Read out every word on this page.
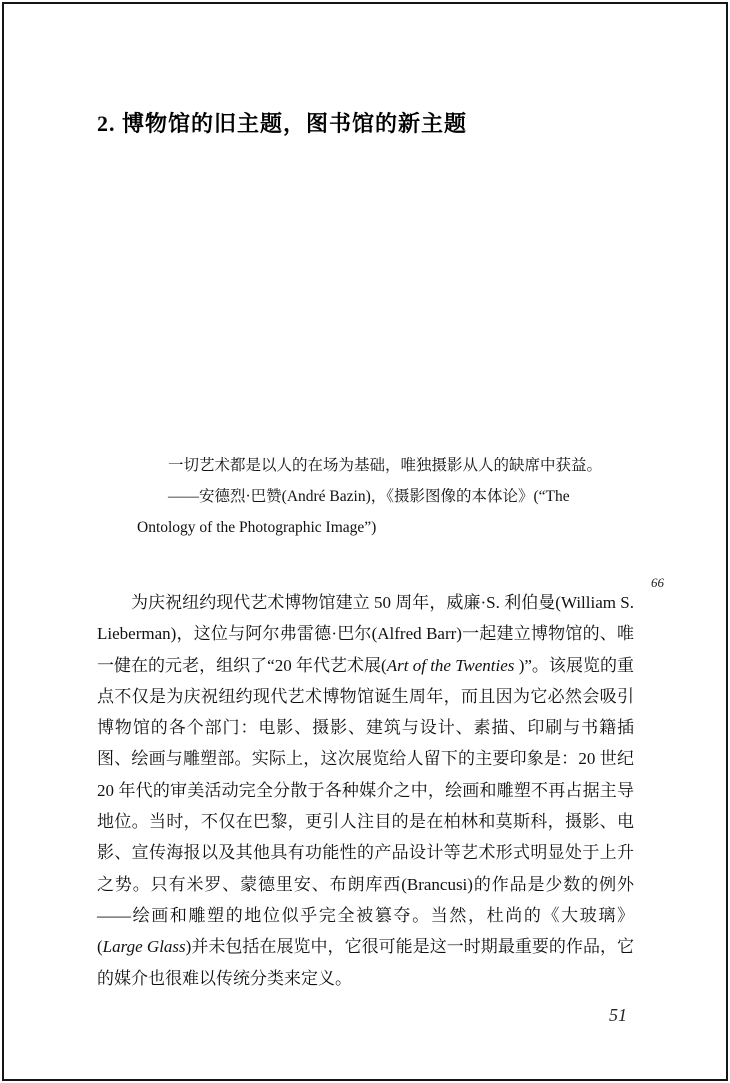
2. 博物馆的旧主题，图书馆的新主题
一切艺术都是以人的在场为基础，唯独摄影从人的缺席中获益。
——安德烈·巴赞(André Bazin)，《摄影图像的本体论》(“The
Ontology of the Photographic Image”)

为庆祝纽约现代艺术博物馆建立 50 周年，威廉·S. 利伯曼(William S. Lieberman)，这位与阿尔弗雷德·巴尔(Alfred Barr)一起建立博物馆的、唯一健在的元老，组织了“20 年代艺术展(Art of the Twenties )”。该展览的重点不仅是为庆祝纽约现代艺术博物馆诞生周年，而且因为它必然会吸引博物馆的各个部门：电影、摄影、建筑与设计、素描、印刷与书籍插图、绘画与雕塑部。实际上，这次展览给人留下的主要印象是：20 世纪 20 年代的审美活动完全分散于各种媒介之中，绘画和雕塑不再占据主导地位。当时，不仅在巴黎，更引人注目的是在柏林和莫斯科，摄影、电影、宣传海报以及其他具有功能性的产品设计等艺术形式明显处于上升之势。只有米罗、蒙德里安、布朗库西(Brancusi)的作品是少数的例外——绘画和雕塑的地位似乎完全被篡夺。当然，杜尚的《大玻璃》(Large Glass)并未包括在展览中，它很可能是这一时期最重要的作品，它的媒介也很难以传统分类来定义。

66
51
